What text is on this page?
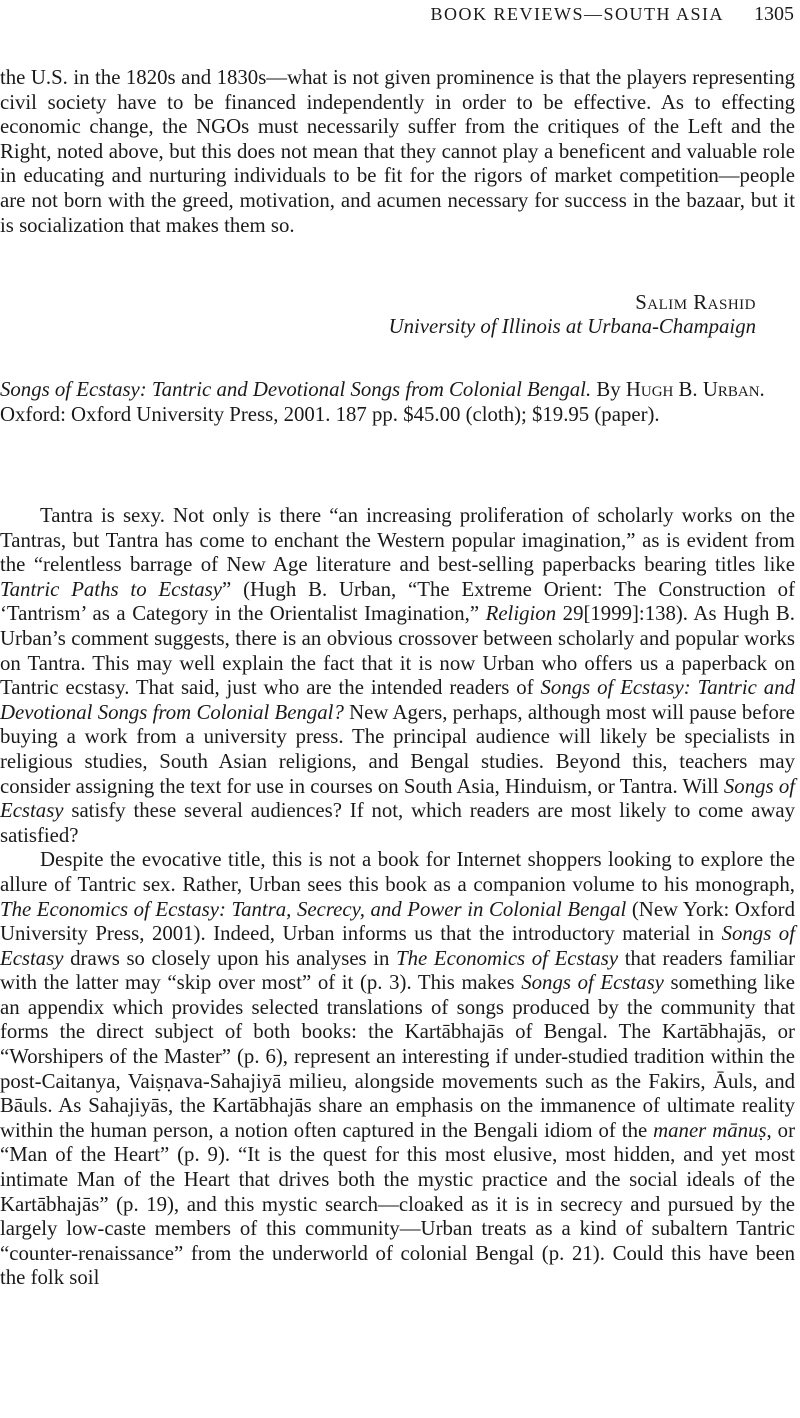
BOOK REVIEWS—SOUTH ASIA 1305

the U.S. in the 1820s and 1830s—what is not given prominence is that the players representing civil society have to be financed independently in order to be effective. As to effecting economic change, the NGOs must necessarily suffer from the critiques of the Left and the Right, noted above, but this does not mean that they cannot play a beneficent and valuable role in educating and nurturing individuals to be fit for the rigors of market competition—people are not born with the greed, motivation, and acumen necessary for success in the bazaar, but it is socialization that makes them so.

Salim Rashid
University of Illinois at Urbana-Champaign
Songs of Ecstasy: Tantric and Devotional Songs from Colonial Bengal. By Hugh B. Urban. Oxford: Oxford University Press, 2001. 187 pp. $45.00 (cloth); $19.95 (paper).

Tantra is sexy. Not only is there “an increasing proliferation of scholarly works on the Tantras, but Tantra has come to enchant the Western popular imagination,” as is evident from the “relentless barrage of New Age literature and best-selling paperbacks bearing titles like Tantric Paths to Ecstasy” (Hugh B. Urban, “The Extreme Orient: The Construction of ‘Tantrism’ as a Category in the Orientalist Imagination,” Religion 29[1999]:138). As Hugh B. Urban’s comment suggests, there is an obvious crossover between scholarly and popular works on Tantra. This may well explain the fact that it is now Urban who offers us a paperback on Tantric ecstasy. That said, just who are the intended readers of Songs of Ecstasy: Tantric and Devotional Songs from Colonial Bengal? New Agers, perhaps, although most will pause before buying a work from a university press. The principal audience will likely be specialists in religious studies, South Asian religions, and Bengal studies. Beyond this, teachers may consider assigning the text for use in courses on South Asia, Hinduism, or Tantra. Will Songs of Ecstasy satisfy these several audiences? If not, which readers are most likely to come away satisfied?

Despite the evocative title, this is not a book for Internet shoppers looking to explore the allure of Tantric sex. Rather, Urban sees this book as a companion volume to his monograph, The Economics of Ecstasy: Tantra, Secrecy, and Power in Colonial Bengal (New York: Oxford University Press, 2001). Indeed, Urban informs us that the introductory material in Songs of Ecstasy draws so closely upon his analyses in The Economics of Ecstasy that readers familiar with the latter may “skip over most” of it (p. 3). This makes Songs of Ecstasy something like an appendix which provides selected translations of songs produced by the community that forms the direct subject of both books: the Kartābhajās of Bengal. The Kartābhajās, or “Worshipers of the Master” (p. 6), represent an interesting if under-studied tradition within the post-Caitanya, Vaiṣṇava-Sahajiyā milieu, alongside movements such as the Fakirs, Āuls, and Bāuls. As Sahajiyās, the Kartābhajās share an emphasis on the immanence of ultimate reality within the human person, a notion often captured in the Bengali idiom of the maner mānuṣ, or “Man of the Heart” (p. 9). “It is the quest for this most elusive, most hidden, and yet most intimate Man of the Heart that drives both the mystic practice and the social ideals of the Kartābhajās” (p. 19), and this mystic search—cloaked as it is in secrecy and pursued by the largely low-caste members of this community—Urban treats as a kind of subaltern Tantric “counter-renaissance” from the underworld of colonial Bengal (p. 21). Could this have been the folk soil
